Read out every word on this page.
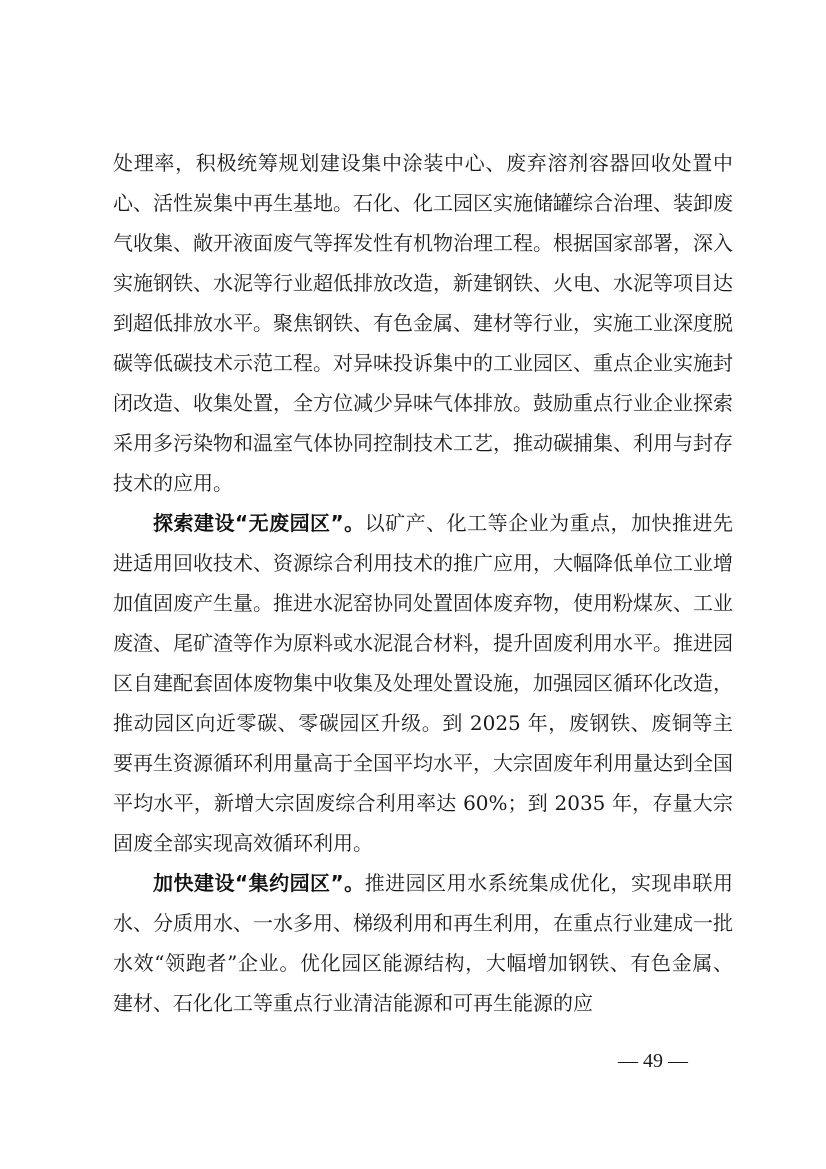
处理率，积极统筹规划建设集中涂装中心、废弃溶剂容器回收处置中心、活性炭集中再生基地。石化、化工园区实施储罐综合治理、装卸废气收集、敞开液面废气等挥发性有机物治理工程。根据国家部署，深入实施钢铁、水泥等行业超低排放改造，新建钢铁、火电、水泥等项目达到超低排放水平。聚焦钢铁、有色金属、建材等行业，实施工业深度脱碳等低碳技术示范工程。对异味投诉集中的工业园区、重点企业实施封闭改造、收集处置，全方位减少异味气体排放。鼓励重点行业企业探索采用多污染物和温室气体协同控制技术工艺，推动碳捕集、利用与封存技术的应用。

探索建设“无废园区”。以矿产、化工等企业为重点，加快推进先进适用回收技术、资源综合利用技术的推广应用，大幅降低单位工业增加值固废产生量。推进水泥窑协同处置固体废弃物，使用粉煤灰、工业废渣、尾矿渣等作为原料或水泥混合材料，提升固废利用水平。推进园区自建配套固体废物集中收集及处理处置设施，加强园区循环化改造，推动园区向近零碳、零碳园区升级。到 2025 年，废钢铁、废铜等主要再生资源循环利用量高于全国平均水平，大宗固废年利用量达到全国平均水平，新增大宗固废综合利用率达 60%；到 2035 年，存量大宗固废全部实现高效循环利用。

加快建设“集约园区”。推进园区用水系统集成优化，实现串联用水、分质用水、一水多用、梯级利用和再生利用，在重点行业建成一批水效“领跑者”企业。优化园区能源结构，大幅增加钢铁、有色金属、建材、石化化工等重点行业清洁能源和可再生能源的应

— 49 —
